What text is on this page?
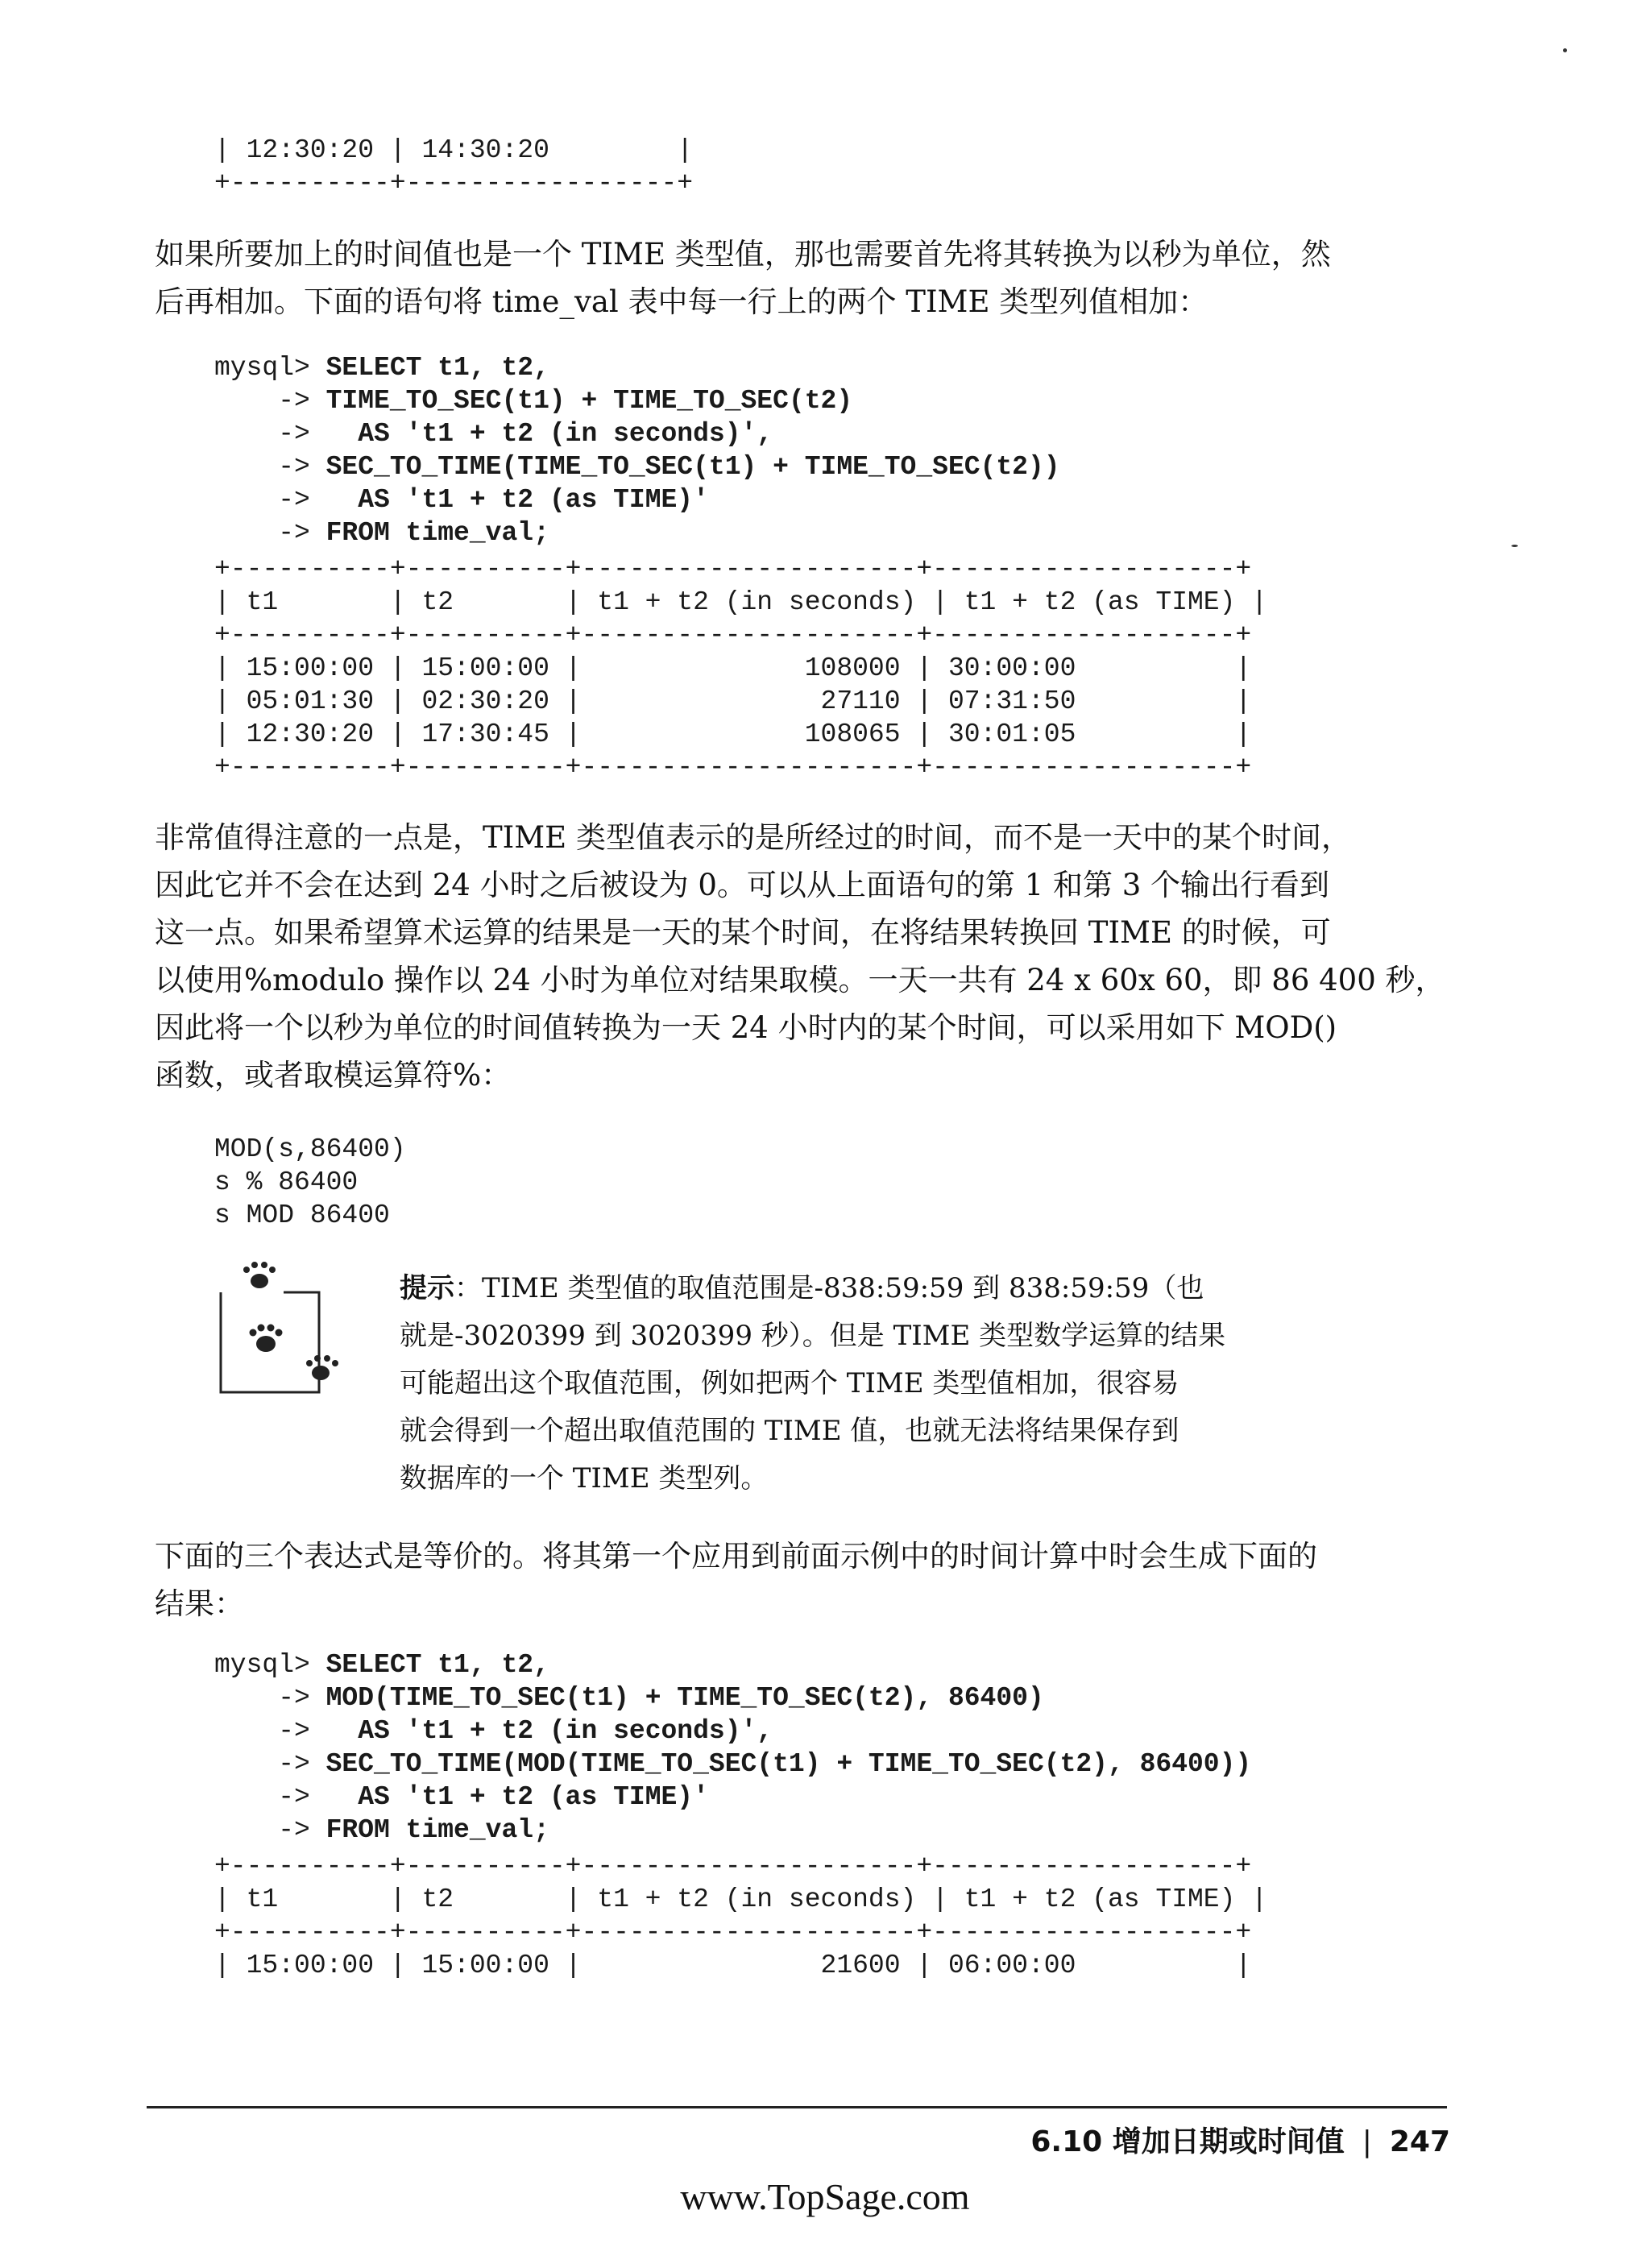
| 12:30:20 | 14:30:20        |
+----------+-----------------+
如果所要加上的时间值也是一个 TIME 类型值，那也需要首先将其转换为以秒为单位，然
后再相加。下面的语句将 time_val 表中每一行上的两个 TIME 类型列值相加：
mysql> SELECT t1, t2,
-> TIME_TO_SEC(t1) + TIME_TO_SEC(t2)
->   AS 't1 + t2 (in seconds)',
-> SEC_TO_TIME(TIME_TO_SEC(t1) + TIME_TO_SEC(t2))
->   AS 't1 + t2 (as TIME)'
-> FROM time_val;
+----------+----------+---------------------+-------------------+
| t1       | t2       | t1 + t2 (in seconds) | t1 + t2 (as TIME) |
+----------+----------+---------------------+-------------------+
| 15:00:00 | 15:00:00 |              108000 | 30:00:00          |
| 05:01:30 | 02:30:20 |               27110 | 07:31:50          |
| 12:30:20 | 17:30:45 |              108065 | 30:01:05          |
+----------+----------+---------------------+-------------------+
非常值得注意的一点是，TIME 类型值表示的是所经过的时间，而不是一天中的某个时间，
因此它并不会在达到 24 小时之后被设为 0。可以从上面语句的第 1 和第 3 个输出行看到
这一点。如果希望算术运算的结果是一天的某个时间，在将结果转换回 TIME 的时候，可
以使用%modulo 操作以 24 小时为单位对结果取模。一天一共有 24 x 60x 60，即 86 400 秒，
因此将一个以秒为单位的时间值转换为一天 24 小时内的某个时间，可以采用如下 MOD()
函数，或者取模运算符%：
MOD(s,86400)
s % 86400
s MOD 86400
提示：TIME 类型值的取值范围是-838:59:59 到 838:59:59（也
就是-3020399 到 3020399 秒）。但是 TIME 类型数学运算的结果
可能超出这个取值范围，例如把两个 TIME 类型值相加，很容易
就会得到一个超出取值范围的 TIME 值，也就无法将结果保存到
数据库的一个 TIME 类型列。
下面的三个表达式是等价的。将其第一个应用到前面示例中的时间计算中时会生成下面的
结果：
mysql> SELECT t1, t2,
-> MOD(TIME_TO_SEC(t1) + TIME_TO_SEC(t2), 86400)
->   AS 't1 + t2 (in seconds)',
-> SEC_TO_TIME(MOD(TIME_TO_SEC(t1) + TIME_TO_SEC(t2), 86400))
->   AS 't1 + t2 (as TIME)'
-> FROM time_val;
+----------+----------+---------------------+-------------------+
| t1       | t2       | t1 + t2 (in seconds) | t1 + t2 (as TIME) |
+----------+----------+---------------------+-------------------+
| 15:00:00 | 15:00:00 |               21600 | 06:00:00          |
6.10 增加日期或时间值 | 247
www.TopSage.com
